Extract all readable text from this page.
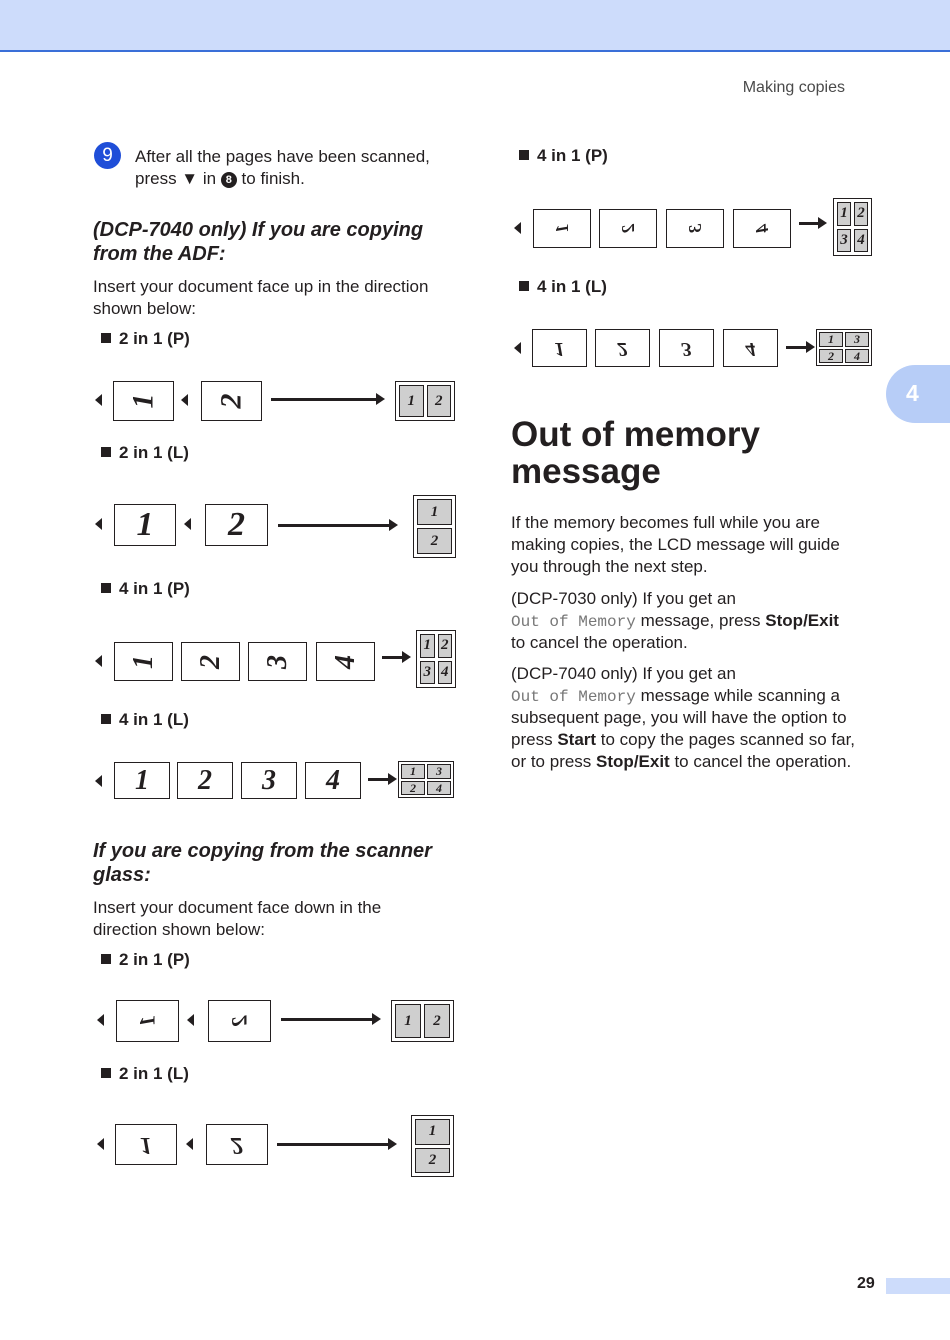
Making copies
4
9	After all the pages have been scanned,
press ▼ in 8 to finish.
(DCP-7040 only) If you are copying
from the ADF:
Insert your document face up in the direction
shown below:
2 in 1 (P)
1 2	1	2
2 in 1 (L)
1	2	1
2
4 in 1 (P)
1 2 3 4
1 2
3 4
4 in 1 (L)
1	2	3	4	1	3
2	4
If you are copying from the scanner
glass:
Insert your document face down in the
direction shown below:
2 in 1 (P)
1	2	1	2
2 in 1 (L)
1	2
1
2
4 in 1 (P)
1	2	3	4
1 2
3 4
4 in 1 (L)
1	2	3	4	1	3
2	4
Out of memory
message
If the memory becomes full while you are
making copies, the LCD message will guide
you through the next step.
(DCP-7030 only) If you get an
Out of Memory message, press Stop/Exit
to cancel the operation.
(DCP-7040 only) If you get an
Out of Memory message while scanning a
subsequent page, you will have the option to
press Start to copy the pages scanned so far,
or to press Stop/Exit to cancel the operation.
29
